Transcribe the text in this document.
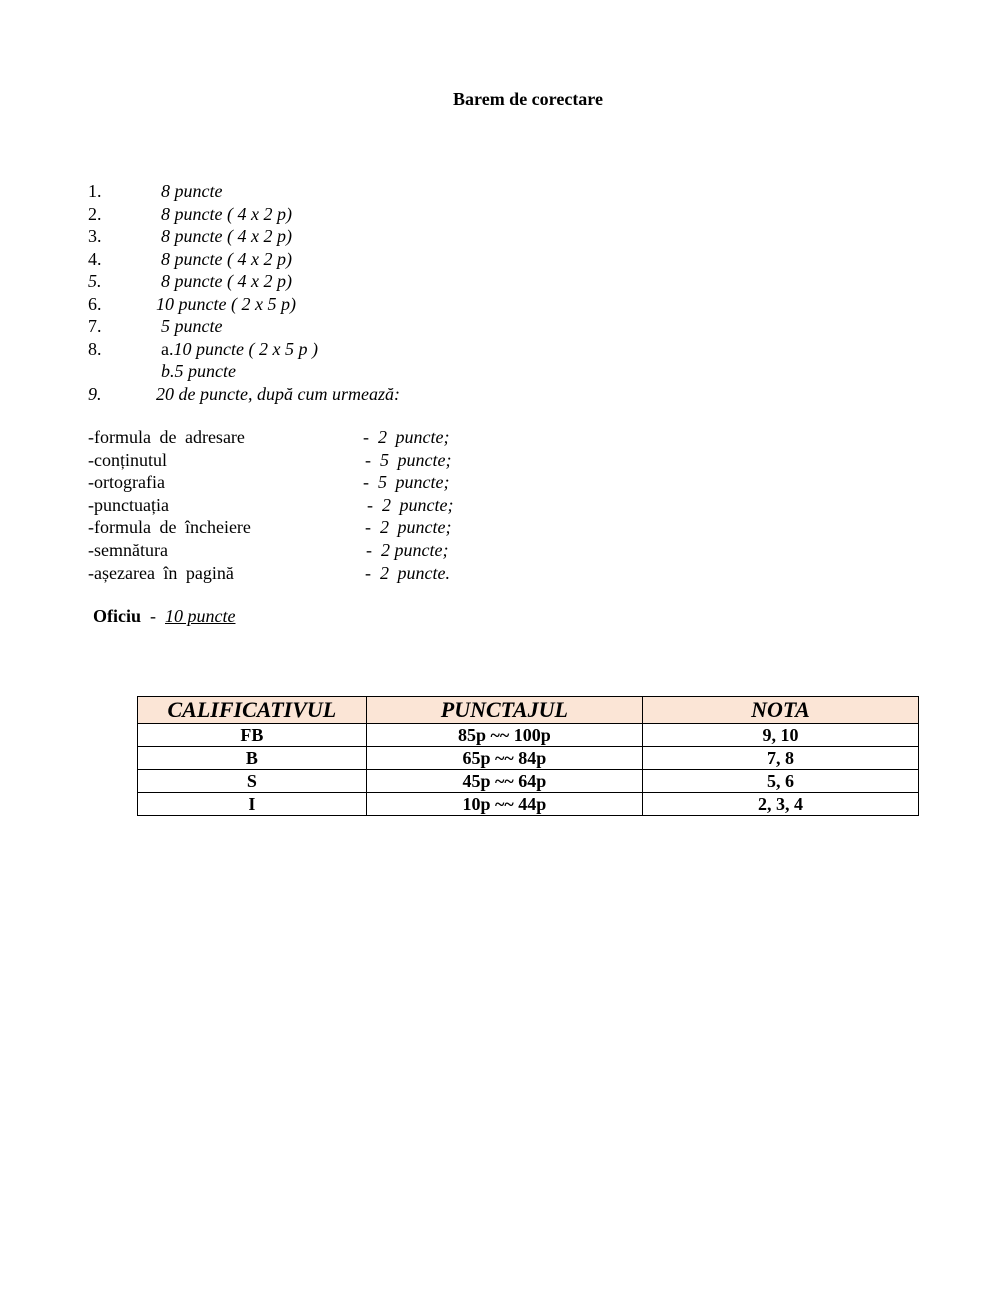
Barem de corectare
1.	8 puncte
2.	8 puncte ( 4 x 2 p)
3.	8 puncte ( 4 x 2 p)
4.	8 puncte ( 4 x 2 p)
5.	8 puncte ( 4 x 2 p)
6.	10 puncte ( 2 x 5 p)
7.	5 puncte
8.	a.10 puncte ( 2 x 5 p )
b.5 puncte
9.	20 de puncte, după cum urmează:
-formula de adresare	- 2 puncte;
-conținutul	- 5 puncte;
-ortografia	- 5 puncte;
-punctuația	- 2 puncte;
-formula de încheiere	- 2 puncte;
-semnătura	- 2 puncte;
-așezarea în pagină	- 2 puncte.
Oficiu - 10 puncte
CALIFICATIVUL	PUNCTAJUL	NOTA
FB	85p ~~ 100p	9, 10
B	65p ~~ 84p	7, 8
S	45p ~~ 64p	5, 6
I	10p ~~ 44p	2, 3, 4
